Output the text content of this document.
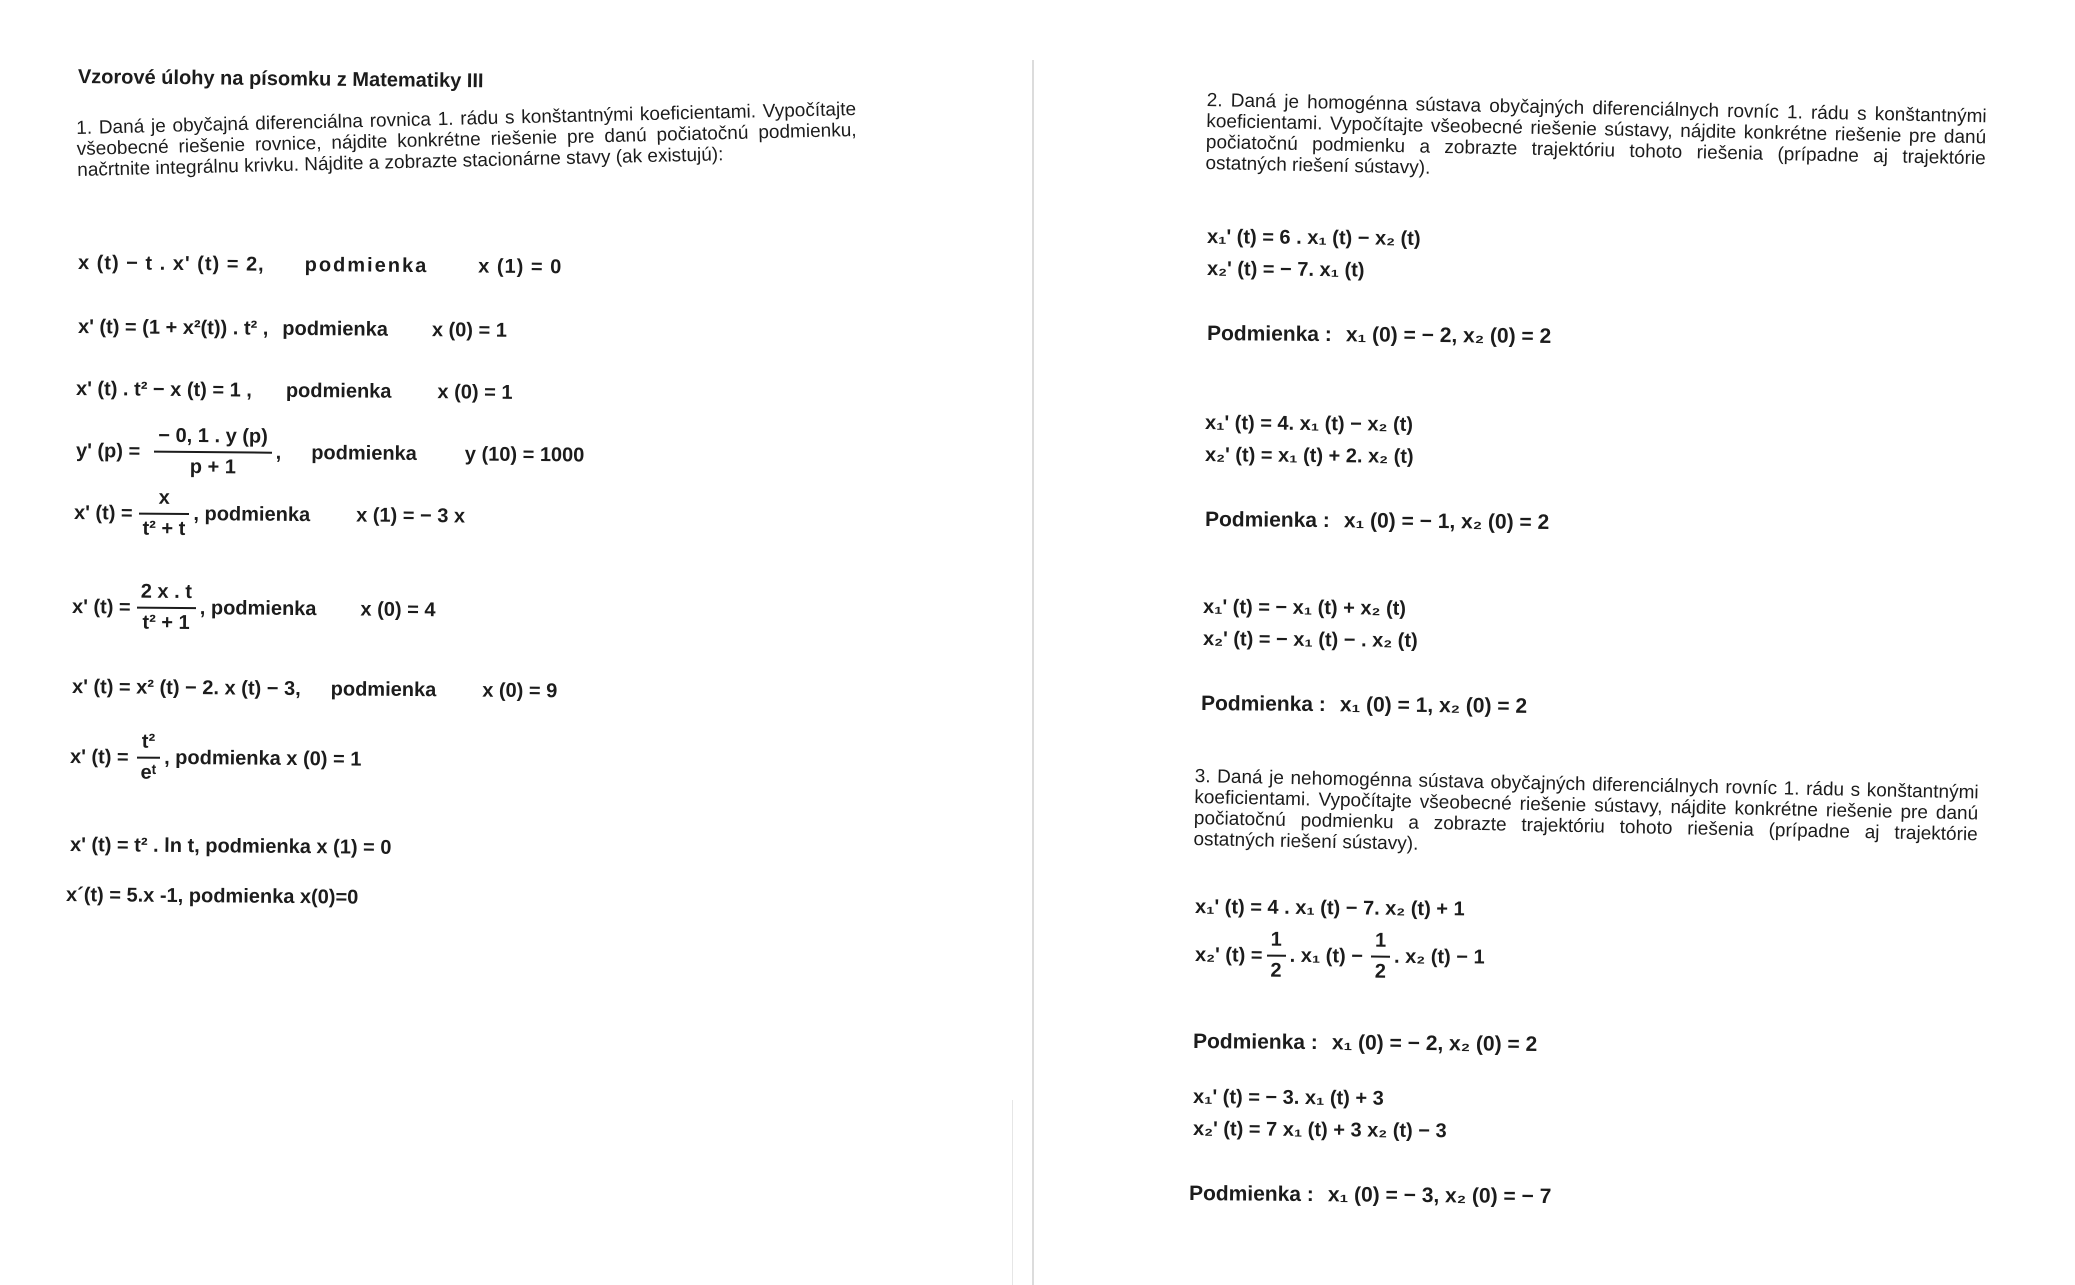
Vzorové úlohy na písomku z Matematiky III
1. Daná je obyčajná diferenciálna rovnica 1. rádu s konštantnými koeficientami. Vypočítajte všeobecné riešenie rovnice, nájdite konkrétne riešenie pre danú počiatočnú podmienku, načrtnite integrálnu krivku. Nájdite a zobrazte stacionárne stavy (ak existujú):
x (t) − t . x' (t) = 2, podmienka x (1) = 0
x' (t) = (1 + x²(t)) . t² , podmienka x (0) = 1
x' (t) . t² − x (t) = 1 , podmienka x (0) = 1
y' $(p) = \frac{- 0, 1 . y (p)}{p + 1}$ , podmienka y (10) = 1000
x' $(t) = \frac{x}{\text{t² + t}}$ , podmienka x (1) = − 3 x
x' $(t) = \frac{2 x . t}{\text{t² + 1}}$ , podmienka x (0) = 4
x' (t) = x² (t) − 2. x (t) − 3, podmienka x (0) = 9
x' $(t) = \frac{\text{t²}}{\text{eᵗ}}$ , podmienka x (0) = 1
x' (t) = t² . ln t, podmienka x (1) = 0
x´(t) = 5.x -1, podmienka x(0)=0
2. Daná je homogénna sústava obyčajných diferenciálnych rovníc 1. rádu s konštantnými koeficientami. Vypočítajte všeobecné riešenie sústavy, nájdite konkrétne riešenie pre danú počiatočnú podmienku a zobrazte trajektóriu tohoto riešenia (prípadne aj trajektórie ostatných riešení sústavy).
x₁' (t) = 6 . x₁ (t) − x₂ (t)
x₂' (t) = − 7. x₁ (t)
Podmienka : x₁ (0) = − 2, x₂ (0) = 2
x₁' (t) = 4. x₁ (t) − x₂ (t)
x₂' (t) = x₁ (t) + 2. x₂ (t)
Podmienka : x₁ (0) = − 1, x₂ (0) = 2
x₁' (t) = − x₁ (t) + x₂ (t)
x₂' (t) = − x₁ (t) − . x₂ (t)
Podmienka : x₁ (0) = 1, x₂ (0) = 2
3. Daná je nehomogénna sústava obyčajných diferenciálnych rovníc 1. rádu s konštantnými koeficientami. Vypočítajte všeobecné riešenie sústavy, nájdite konkrétne riešenie pre danú počiatočnú podmienku a zobrazte trajektóriu tohoto riešenia (prípadne aj trajektórie ostatných riešení sústavy).
x₁' (t) = 4 . x₁ (t) − 7. x₂ (t) + 1
x₂' $(t) = \frac{1}{2}$ . x₁ $(t) - \frac{1}{2}$ . x₂ (t) − 1
Podmienka : x₁ (0) = − 2, x₂ (0) = 2
x₁' (t) = − 3. x₁ (t) + 3
x₂' (t) = 7 x₁ (t) + 3 x₂ (t) − 3
Podmienka : x₁ (0) = − 3, x₂ (0) = − 7
